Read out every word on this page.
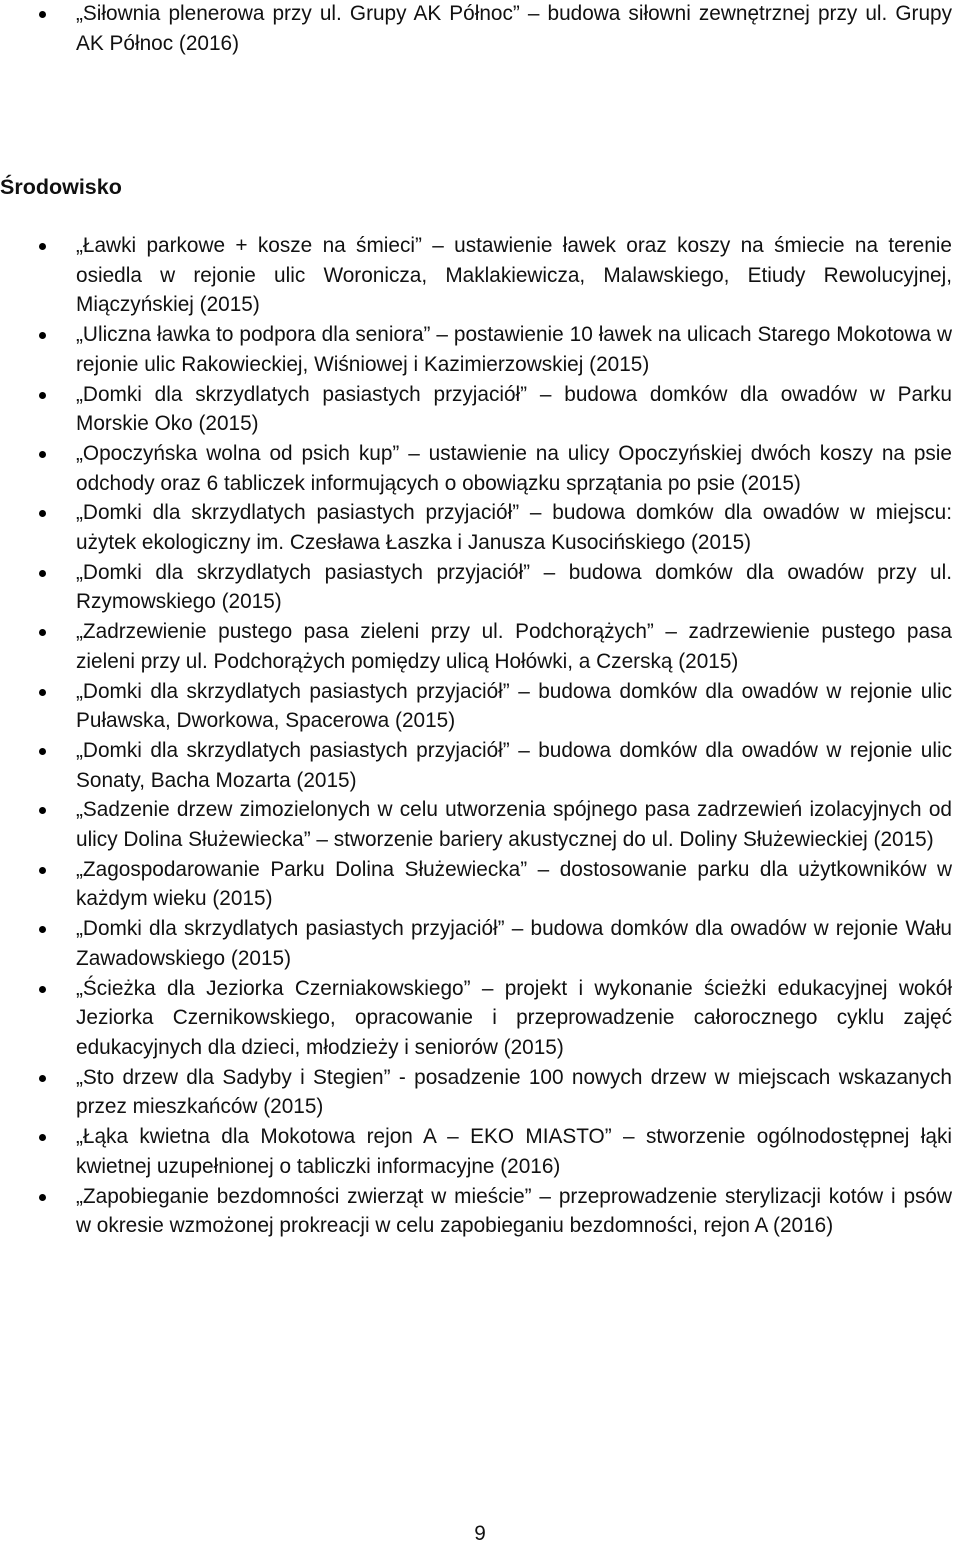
„Siłownia plenerowa przy ul. Grupy AK Północ” – budowa siłowni zewnętrznej przy ul. Grupy AK Północ (2016)
Środowisko
„Ławki parkowe + kosze na śmieci” – ustawienie ławek oraz koszy na śmiecie na terenie osiedla w rejonie ulic Woronicza, Maklakiewicza, Malawskiego, Etiudy Rewolucyjnej, Miączyńskiej (2015)
„Uliczna ławka to podpora dla seniora” – postawienie 10 ławek na ulicach Starego Mokotowa w rejonie ulic Rakowieckiej, Wiśniowej i Kazimierzowskiej (2015)
„Domki dla skrzydlatych pasiastych przyjaciół” – budowa domków dla owadów w Parku Morskie Oko (2015)
„Opoczyńska wolna od psich kup” – ustawienie na ulicy Opoczyńskiej dwóch koszy na psie odchody oraz 6 tabliczek informujących o obowiązku sprzątania po psie (2015)
„Domki dla skrzydlatych pasiastych przyjaciół” – budowa domków dla owadów w miejscu: użytek ekologiczny im. Czesława Łaszka i Janusza Kusocińskiego (2015)
„Domki dla skrzydlatych pasiastych przyjaciół” – budowa domków dla owadów przy ul. Rzymowskiego (2015)
„Zadrzewienie pustego pasa zieleni przy ul. Podchorążych” – zadrzewienie pustego pasa zieleni przy ul. Podchorążych pomiędzy ulicą Hołówki, a Czerską (2015)
„Domki dla skrzydlatych pasiastych przyjaciół” – budowa domków dla owadów w rejonie ulic Puławska, Dworkowa, Spacerowa (2015)
„Domki dla skrzydlatych pasiastych przyjaciół” – budowa domków dla owadów w rejonie ulic Sonaty, Bacha Mozarta (2015)
„Sadzenie drzew zimozielonych w celu utworzenia spójnego pasa zadrzewień izolacyjnych od ulicy Dolina Służewiecka” – stworzenie bariery akustycznej do ul. Doliny Służewieckiej (2015)
„Zagospodarowanie Parku Dolina Służewiecka” – dostosowanie parku dla użytkowników w każdym wieku (2015)
„Domki dla skrzydlatych pasiastych przyjaciół” – budowa domków dla owadów w rejonie Wału Zawadowskiego (2015)
„Ścieżka dla Jeziorka Czerniakowskiego” – projekt i wykonanie ścieżki edukacyjnej wokół Jeziorka Czernikowskiego, opracowanie i przeprowadzenie całorocznego cyklu zajęć edukacyjnych dla dzieci, młodzieży i seniorów (2015)
„Sto drzew dla Sadyby i Stegien” - posadzenie 100 nowych drzew w miejscach wskazanych przez mieszkańców (2015)
„Łąka kwietna dla Mokotowa rejon A – EKO MIASTO” – stworzenie ogólnodostępnej łąki kwietnej uzupełnionej o tabliczki informacyjne (2016)
„Zapobieganie bezdomności zwierząt w mieście” – przeprowadzenie sterylizacji kotów i psów w okresie wzmożonej prokreacji w celu zapobieganiu bezdomności, rejon A (2016)
9
